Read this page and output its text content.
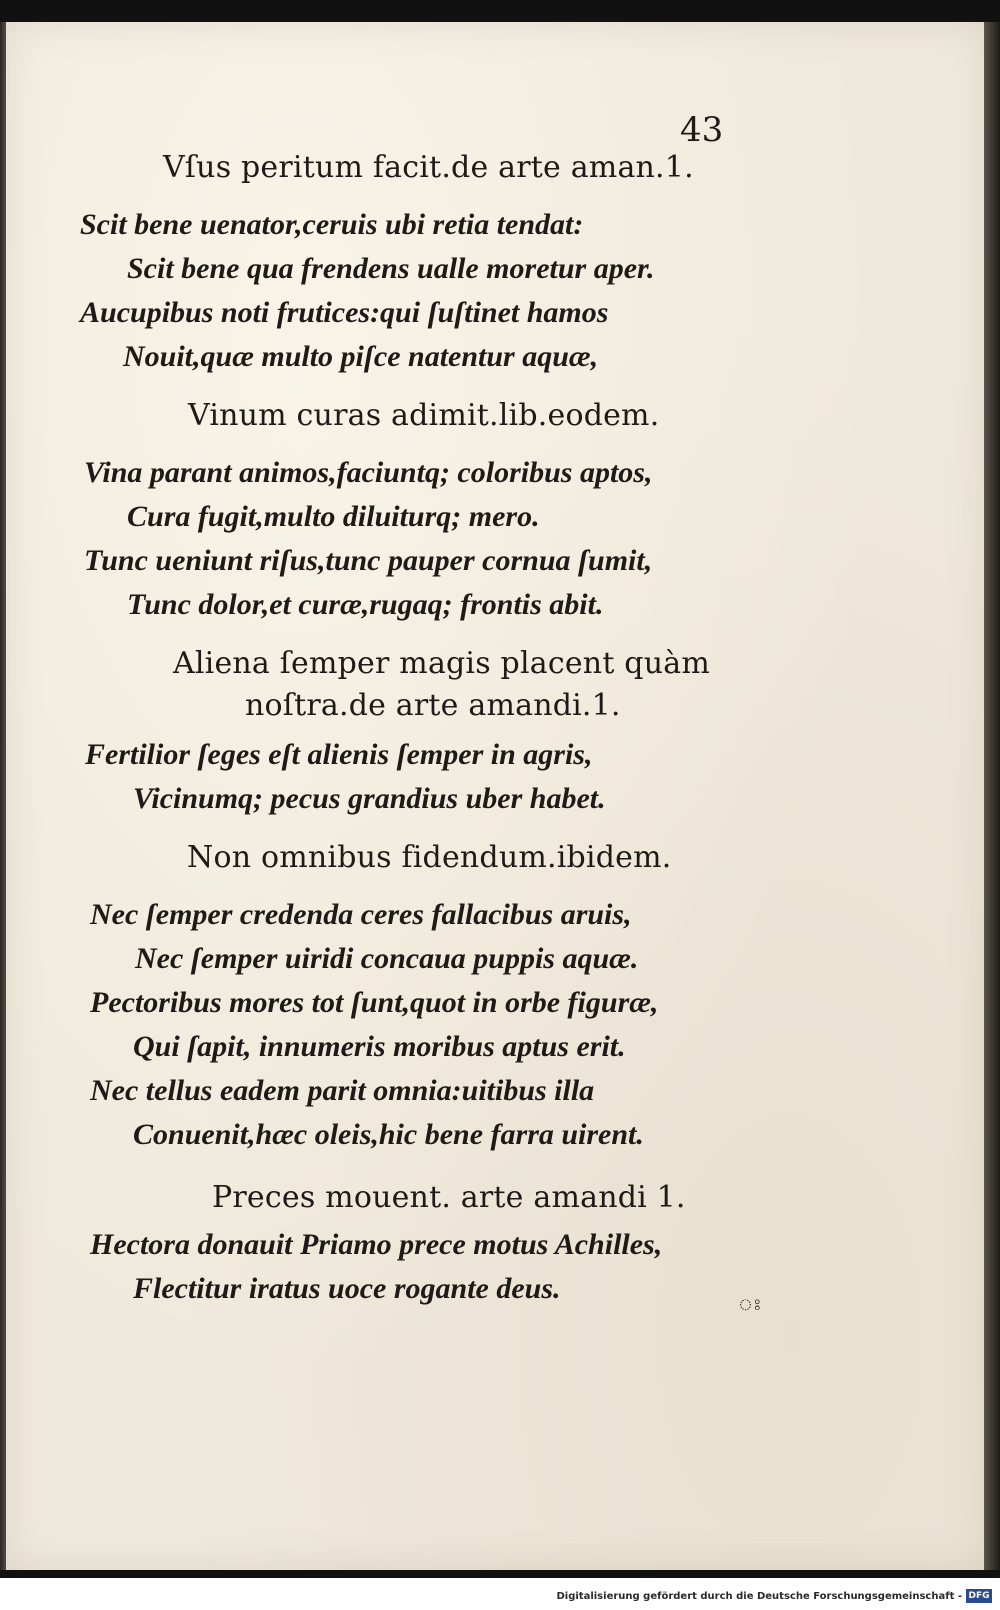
43

Vſus peritum facit.de arte aman.1.

Scit bene uenator,ceruis ubi retia tendat:

Scit bene qua frendens ualle moretur aper.

Aucupibus noti frutices:qui ſuſtinet hamos

Nouit,quæ multo piſce natentur aquæ,

Vinum curas adimit.lib.eodem.

Vina parant animos,faciuntq; coloribus aptos,

Cura fugit,multo diluiturq; mero.

Tunc ueniunt riſus,tunc pauper cornua ſumit,

Tunc dolor,et curæ,rugaq; frontis abit.

Aliena ſemper magis placent quàm

noſtra.de arte amandi.1.

Fertilior ſeges eſt alienis ſemper in agris,

Vicinumq; pecus grandius uber habet.

Non omnibus fidendum.ibidem.

Nec ſemper credenda ceres fallacibus aruis,

Nec ſemper uiridi concaua puppis aquæ.

Pectoribus mores tot ſunt,quot in orbe figuræ,

Qui ſapit, innumeris moribus aptus erit.

Nec tellus eadem parit omnia:uitibus illa

Conuenit,hæc oleis,hic bene farra uirent.

Preces mouent. arte amandi 1.

Hectora donauit Priamo prece motus Achilles,

Flectitur iratus uoce rogante deus.	ঃ
Digitalisierung gefördert durch die Deutsche Forschungsgemeinschaft - DFG
